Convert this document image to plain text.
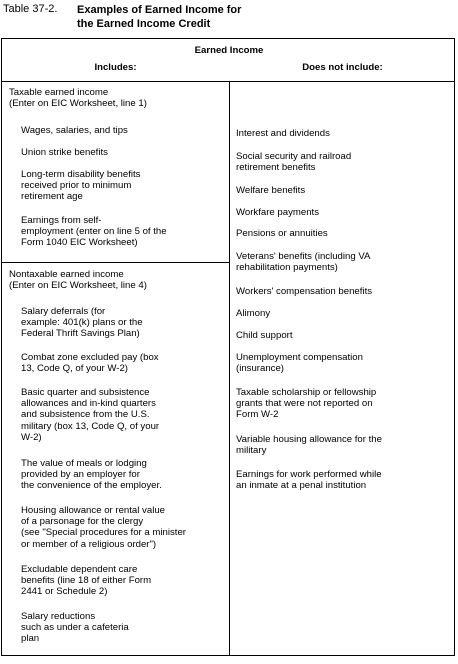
Table 37-2. Examples of Earned Income for
the Earned Income Credit
Earned Income
Includes:	Does not include:
Taxable earned income
(Enter on EIC Worksheet, line 1)
Wages, salaries, and tips
Union strike benefits
Long-term disability benefits
received prior to minimum
retirement age
Earnings from self-
employment (enter on line 5 of the
Form 1040 EIC Worksheet)
Nontaxable earned income
(Enter on EIC Worksheet, line 4)
Salary deferrals (for
example: 401(k) plans or the
Federal Thrift Savings Plan)
Combat zone excluded pay (box
13, Code Q, of your W-2)
Basic quarter and subsistence
allowances and in-kind quarters
and subsistence from the U.S.
military (box 13, Code Q, of your
W-2)
The value of meals or lodging
provided by an employer for
the convenience of the employer.
Housing allowance or rental value
of a parsonage for the clergy
(see "Special procedures for a minister
or member of a religious order")
Excludable dependent care
benefits (line 18 of either Form
2441 or Schedule 2)
Salary reductions
such as under a cafeteria
plan
Interest and dividends
Social security and railroad
retirement benefits
Welfare benefits
Workfare payments
Pensions or annuities
Veterans' benefits (including VA
rehabilitation payments)
Workers' compensation benefits
Alimony
Child support
Unemployment compensation
(insurance)
Taxable scholarship or fellowship
grants that were not reported on
Form W-2
Variable housing allowance for the
military
Earnings for work performed while
an inmate at a penal institution
